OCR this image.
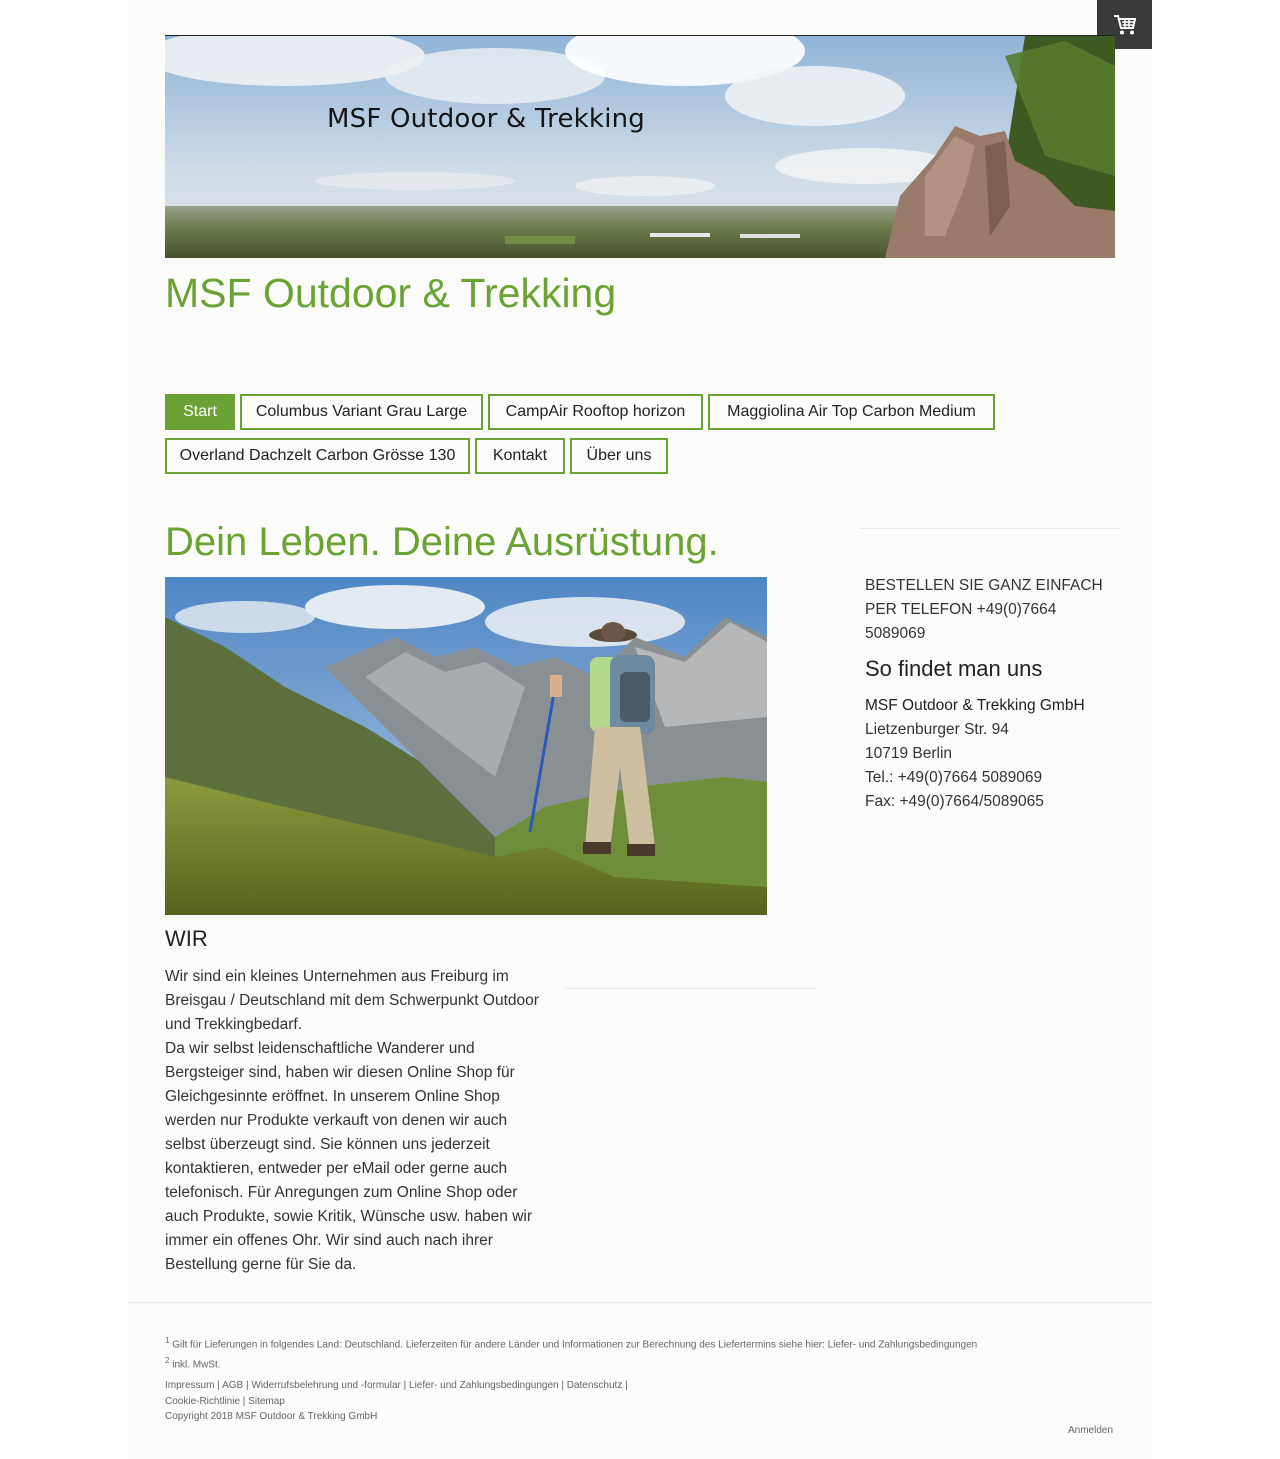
MSF Outdoor & Trekking
MSF Outdoor & Trekking
Start	Columbus Variant Grau Large	CampAir Rooftop horizon	Maggiolina Air Top Carbon Medium
Overland Dachzelt Carbon Grösse 130	Kontakt	Über uns
Dein Leben. Deine Ausrüstung.
WIR

Wir sind ein kleines Unternehmen aus Freiburg im Breisgau / Deutschland mit dem Schwerpunkt Outdoor und Trekkingbedarf.

Da wir selbst leidenschaftliche Wanderer und Bergsteiger sind, haben wir diesen Online Shop für Gleichgesinnte eröffnet. In unserem Online Shop werden nur Produkte verkauft von denen wir auch selbst überzeugt sind. Sie können uns jederzeit kontaktieren, entweder per eMail oder gerne auch telefonisch. Für Anregungen zum Online Shop oder auch Produkte, sowie Kritik, Wünsche usw. haben wir immer ein offenes Ohr. Wir sind auch nach ihrer Bestellung gerne für Sie da.

BESTELLEN SIE GANZ EINFACH PER TELEFON +49(0)7664 5089069

So findet man uns

MSF Outdoor & Trekking GmbH

Lietzenburger Str. 94

10719 Berlin

Tel.: +49(0)7664 5089069

Fax: +49(0)7664/5089065

$^1$ Gilt für Lieferungen in folgendes Land: Deutschland. Lieferzeiten für andere Länder und Informationen zur Berechnung des Liefertermins siehe hier: Liefer- und Zahlungsbedingungen
$^2$ inkl. MwSt.
Impressum | AGB | Widerrufsbelehrung und -formular | Liefer- und Zahlungsbedingungen | Datenschutz |
Cookie-Richtlinie | Sitemap
Copyright 2018 MSF Outdoor & Trekking GmbH
Anmelden
